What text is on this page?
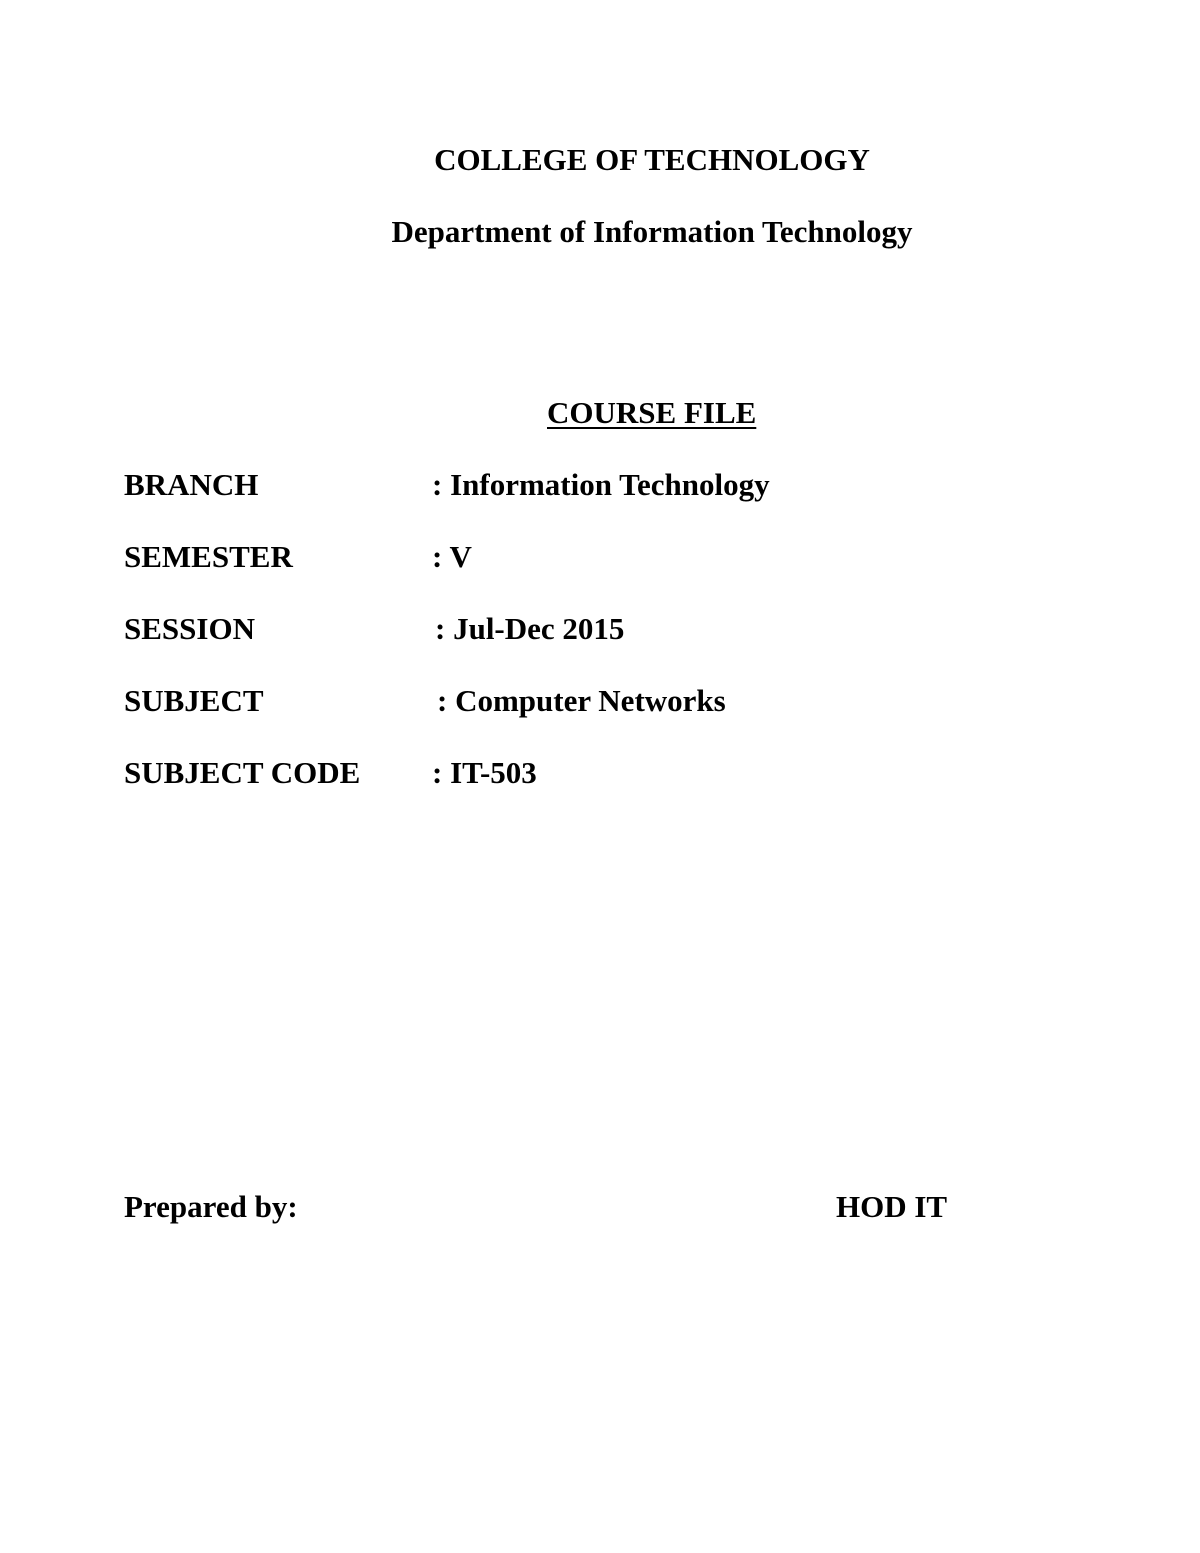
COLLEGE OF TECHNOLOGY
Department of Information Technology
COURSE FILE
BRANCH	: Information Technology
SEMESTER	: V
SESSION	: Jul-Dec 2015
SUBJECT	: Computer Networks
SUBJECT CODE : IT-503
Prepared by:	HOD IT
